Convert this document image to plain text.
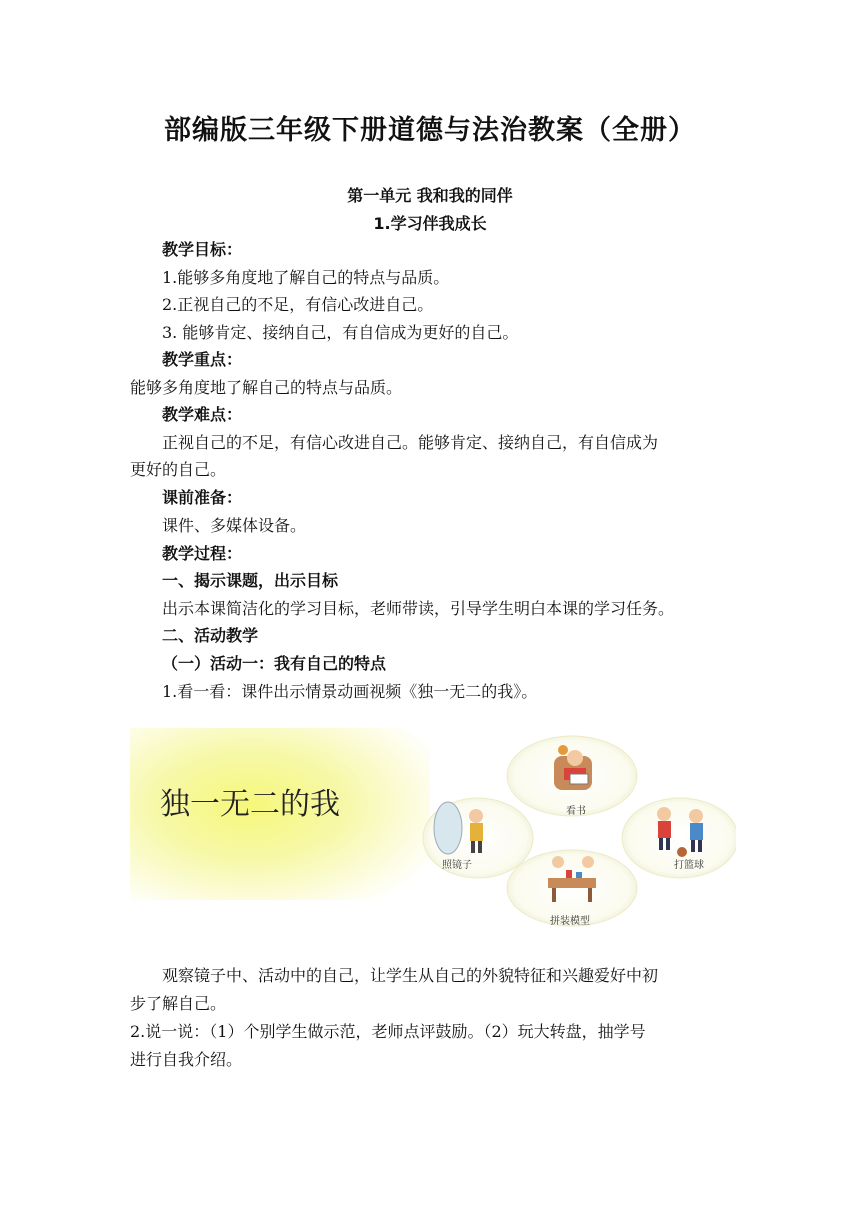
部编版三年级下册道德与法治教案（全册）
第一单元 我和我的同伴
1.学习伴我成长
教学目标：
1.能够多角度地了解自己的特点与品质。
2.正视自己的不足，有信心改进自己。
3. 能够肯定、接纳自己，有自信成为更好的自己。
教学重点：
能够多角度地了解自己的特点与品质。
教学难点：
正视自己的不足，有信心改进自己。能够肯定、接纳自己，有自信成为
更好的自己。
课前准备：
课件、多媒体设备。
教学过程：
一、揭示课题，出示目标
出示本课简洁化的学习目标，老师带读，引导学生明白本课的学习任务。
二、活动教学
（一）活动一：我有自己的特点
1.看一看：课件出示情景动画视频《独一无二的我》。
独一无二的我	看书
照镜子	打篮球
拼装模型
观察镜子中、活动中的自己，让学生从自己的外貌特征和兴趣爱好中初
步了解自己。
2.说一说：（1）个别学生做示范，老师点评鼓励。（2）玩大转盘，抽学号
进行自我介绍。
